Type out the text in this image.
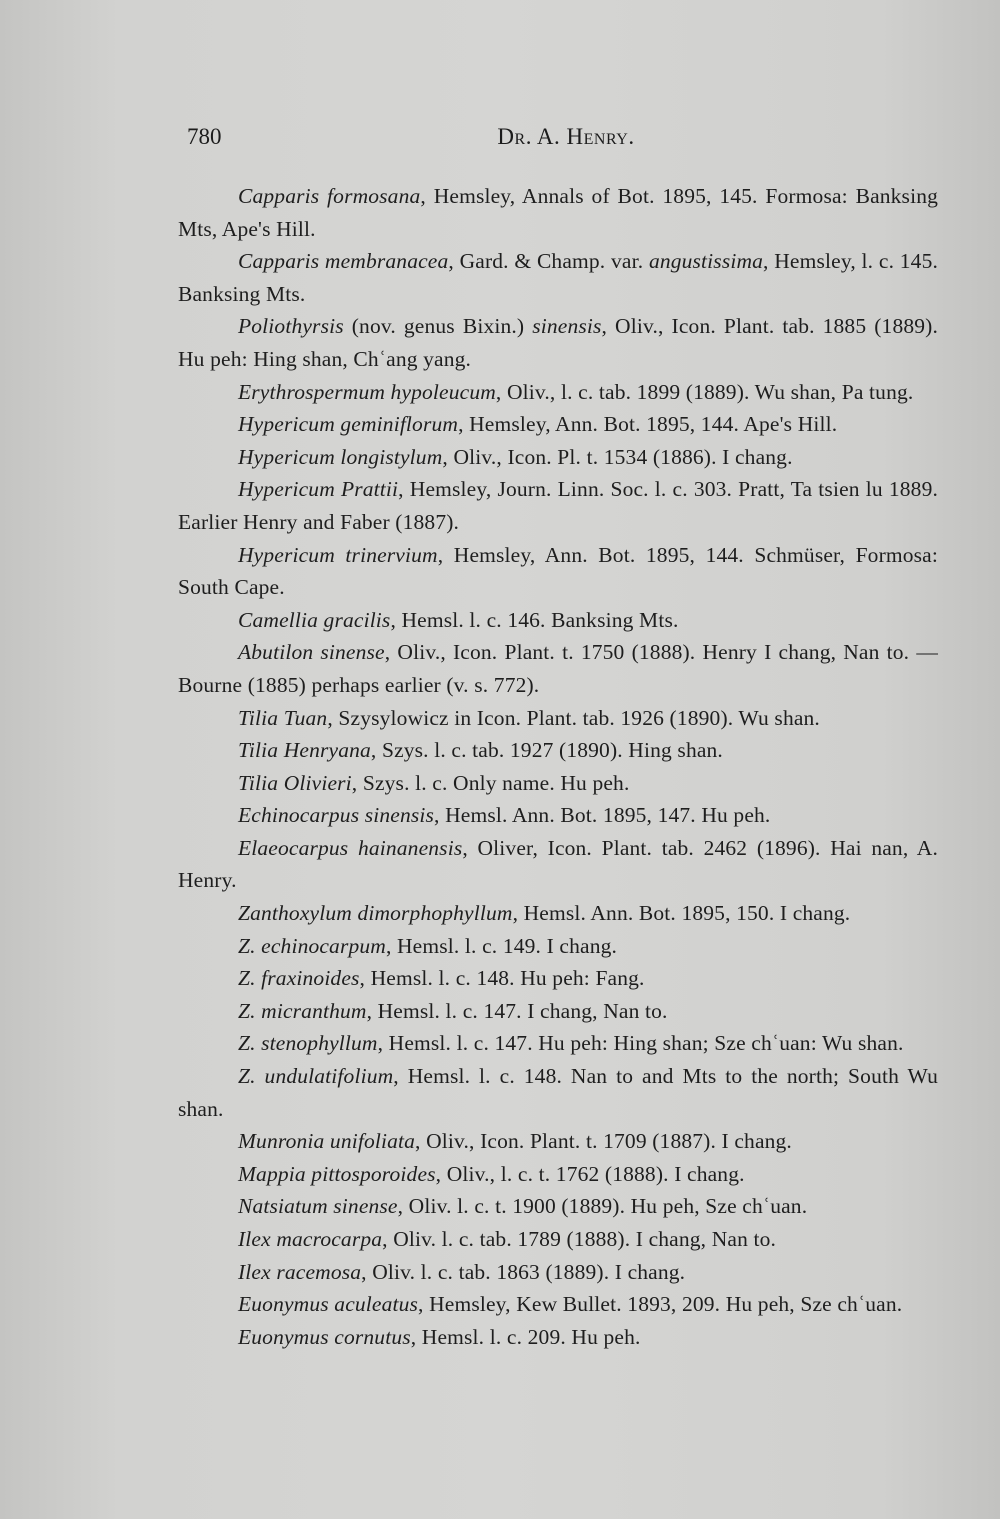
780	Dr. A. Henry.

Capparis formosana, Hemsley, Annals of Bot. 1895, 145. Formosa: Banksing Mts, Ape's Hill.

Capparis membranacea, Gard. & Champ. var. angustissima, Hemsley, l. c. 145. Banksing Mts.

Poliothyrsis (nov. genus Bixin.) sinensis, Oliv., Icon. Plant. tab. 1885 (1889). Hu peh: Hing shan, Chʿang yang.

Erythrospermum hypoleucum, Oliv., l. c. tab. 1899 (1889). Wu shan, Pa tung.

Hypericum geminiflorum, Hemsley, Ann. Bot. 1895, 144. Ape's Hill.

Hypericum longistylum, Oliv., Icon. Pl. t. 1534 (1886). I chang.

Hypericum Prattii, Hemsley, Journ. Linn. Soc. l. c. 303. Pratt, Ta tsien lu 1889. Earlier Henry and Faber (1887).

Hypericum trinervium, Hemsley, Ann. Bot. 1895, 144. Schmüser, Formosa: South Cape.

Camellia gracilis, Hemsl. l. c. 146. Banksing Mts.

Abutilon sinense, Oliv., Icon. Plant. t. 1750 (1888). Henry I chang, Nan to. — Bourne (1885) perhaps earlier (v. s. 772).

Tilia Tuan, Szysylowicz in Icon. Plant. tab. 1926 (1890). Wu shan.

Tilia Henryana, Szys. l. c. tab. 1927 (1890). Hing shan.

Tilia Olivieri, Szys. l. c. Only name. Hu peh.

Echinocarpus sinensis, Hemsl. Ann. Bot. 1895, 147. Hu peh.

Elaeocarpus hainanensis, Oliver, Icon. Plant. tab. 2462 (1896). Hai nan, A. Henry.

Zanthoxylum dimorphophyllum, Hemsl. Ann. Bot. 1895, 150. I chang.

Z. echinocarpum, Hemsl. l. c. 149. I chang.

Z. fraxinoides, Hemsl. l. c. 148. Hu peh: Fang.

Z. micranthum, Hemsl. l. c. 147. I chang, Nan to.

Z. stenophyllum, Hemsl. l. c. 147. Hu peh: Hing shan; Sze chʿuan: Wu shan.

Z. undulatifolium, Hemsl. l. c. 148. Nan to and Mts to the north; South Wu shan.

Munronia unifoliata, Oliv., Icon. Plant. t. 1709 (1887). I chang.

Mappia pittosporoides, Oliv., l. c. t. 1762 (1888). I chang.

Natsiatum sinense, Oliv. l. c. t. 1900 (1889). Hu peh, Sze chʿuan.

Ilex macrocarpa, Oliv. l. c. tab. 1789 (1888). I chang, Nan to.

Ilex racemosa, Oliv. l. c. tab. 1863 (1889). I chang.

Euonymus aculeatus, Hemsley, Kew Bullet. 1893, 209. Hu peh, Sze chʿuan.

Euonymus cornutus, Hemsl. l. c. 209. Hu peh.
